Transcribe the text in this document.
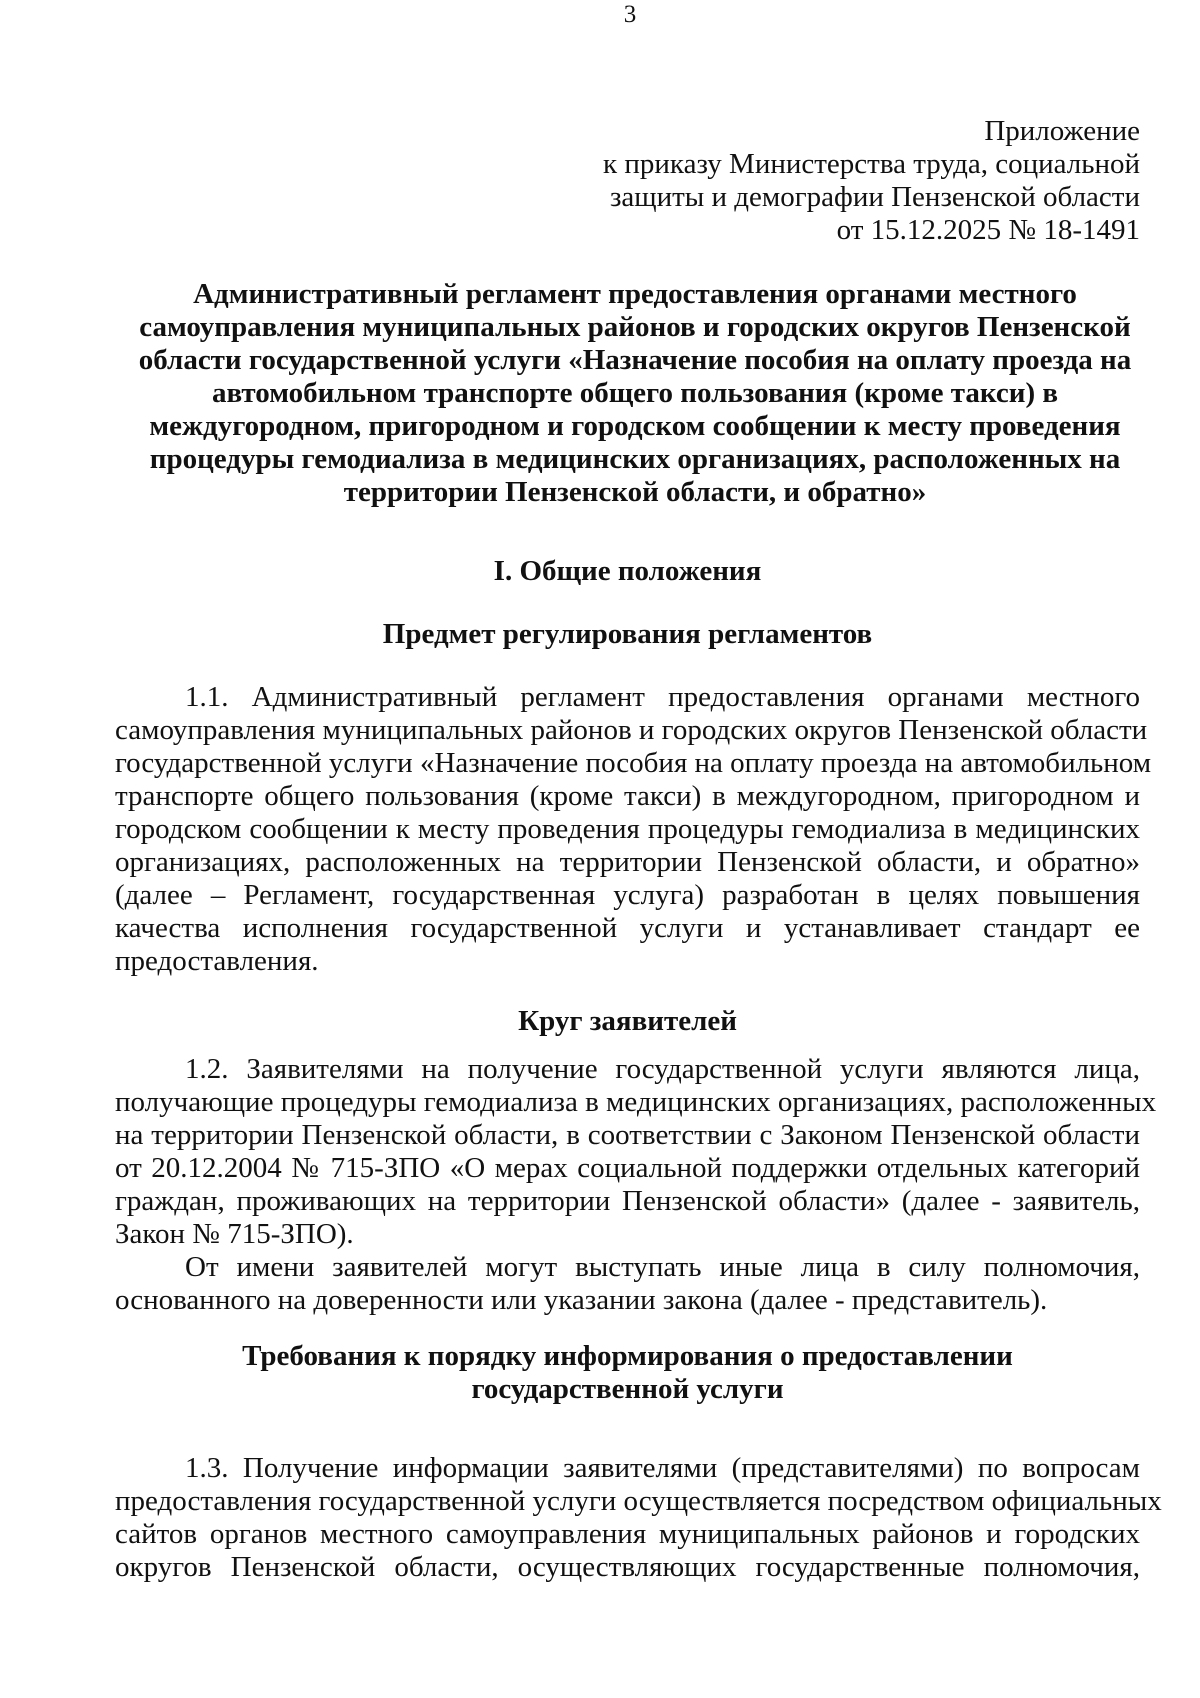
3
Приложение
к приказу Министерства труда, социальной
защиты и демографии Пензенской области
от 15.12.2025 № 18-1491
Административный регламент предоставления органами местного
самоуправления муниципальных районов и городских округов Пензенской
области государственной услуги «Назначение пособия на оплату проезда на
автомобильном транспорте общего пользования (кроме такси) в
междугородном, пригородном и городском сообщении к месту проведения
процедуры гемодиализа в медицинских организациях, расположенных на
территории Пензенской области, и обратно»
I. Общие положения
Предмет регулирования регламентов
1.1. Административный регламент предоставления органами местного
самоуправления муниципальных районов и городских округов Пензенской области
государственной услуги «Назначение пособия на оплату проезда на автомобильном
транспорте общего пользования (кроме такси) в междугородном, пригородном и
городском сообщении к месту проведения процедуры гемодиализа в медицинских
организациях, расположенных на территории Пензенской области, и обратно»
(далее – Регламент, государственная услуга) разработан в целях повышения
качества исполнения государственной услуги и устанавливает стандарт ее
предоставления.
Круг заявителей
1.2. Заявителями на получение государственной услуги являются лица,
получающие процедуры гемодиализа в медицинских организациях, расположенных
на территории Пензенской области, в соответствии с Законом Пензенской области
от 20.12.2004 № 715-ЗПО «О мерах социальной поддержки отдельных категорий
граждан, проживающих на территории Пензенской области» (далее - заявитель,
Закон № 715-ЗПО).
От имени заявителей могут выступать иные лица в силу полномочия,
основанного на доверенности или указании закона (далее - представитель).
Требования к порядку информирования о предоставлении
государственной услуги
1.3. Получение информации заявителями (представителями) по вопросам
предоставления государственной услуги осуществляется посредством официальных
сайтов органов местного самоуправления муниципальных районов и городских
округов Пензенской области, осуществляющих государственные полномочия,
